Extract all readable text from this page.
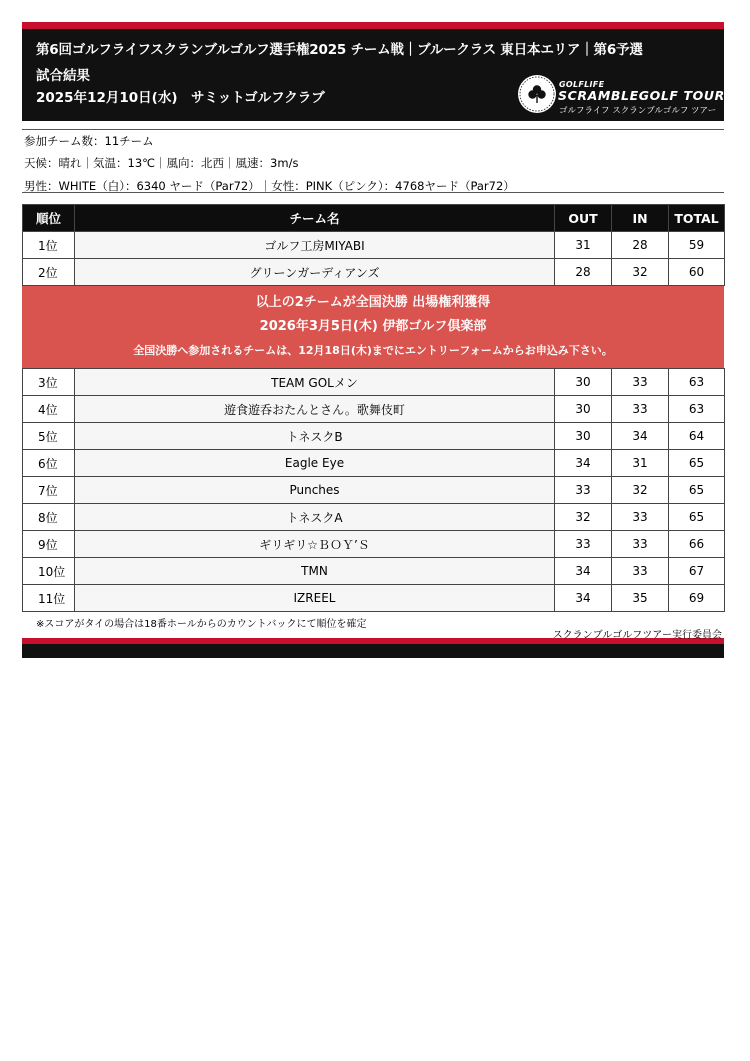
第6回ゴルフライフスクランブルゴルフ選手権2025 チーム戦｜ブルークラス 東日本エリア｜第6予選
試合結果
2025年12月10日(水)　サミットゴルフクラブ
GOLFLIFE
SCRAMBLEGOLF TOUR
ゴルフライフ スクランブルゴルフ ツアー
参加チーム数：11チーム
天候：晴れ｜気温：13℃｜風向：北西｜風速：3m/s
男性：WHITE（白）：6340 ヤード（Par72）｜女性：PINK（ピンク）：4768ヤード（Par72）
順位	チーム名	OUT	IN	TOTAL
1位	ゴルフ工房MIYABI	31	28	59
2位	グリーンガーディアンズ	28	32	60
以上の2チームが全国決勝 出場権利獲得
2026年3月5日(木) 伊都ゴルフ倶楽部
全国決勝へ参加されるチームは、12月18日(木)までにエントリーフォームからお申込み下さい。
3位	TEAM GOLメン	30	33	63
4位	遊食遊呑おたんとさん。歌舞伎町	30	33	63
5位	トネスクB	30	34	64
6位	Eagle Eye	34	31	65
7位	Punches	33	32	65
8位	トネスクA	32	33	65
9位	ギリギリ☆ＢＯＹ’Ｓ	33	33	66
10位	TMN	34	33	67
11位	IZREEL	34	35	69
※スコアがタイの場合は18番ホールからのカウントバックにて順位を確定
スクランブルゴルフツアー実行委員会
